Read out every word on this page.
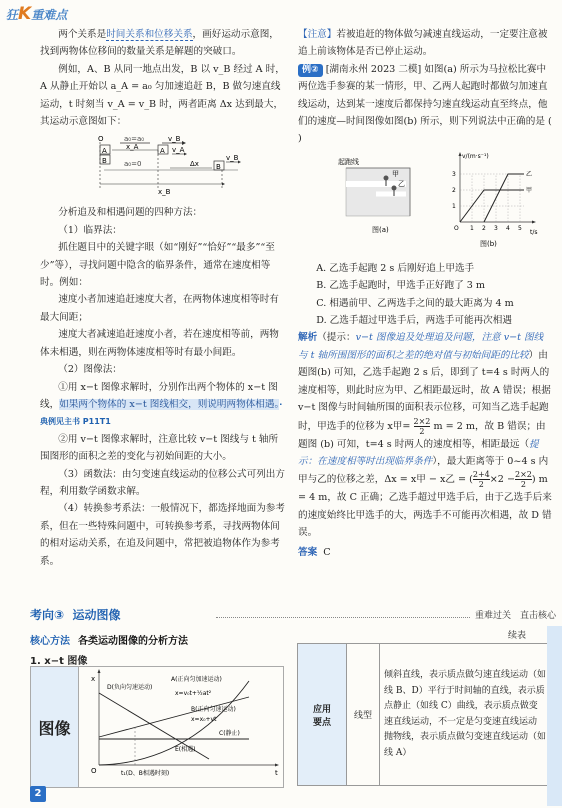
狂K重难点

两个关系是时间关系和位移关系，画好运动示意图，找到两物体位移间的数量关系是解题的突破口。

例如，A、B 从同一地点出发，B 以 v_B 经过 A 时，A 从静止开始以 a_A = a₀ 匀加速追赶 B，B 做匀速直线运动，t 时刻当 v_A = v_B 时，两者距离 Δx 达到最大，其运动示意图如下：

O	a₀=a₀	v_B
A
B
x_A	A v_A
a₀=0	Δx B
v_B
x_B

分析追及和相遇问题的四种方法：

（1）临界法：

抓住题目中的关键字眼（如“刚好”“恰好”“最多”“至少”等），寻找问题中隐含的临界条件，通常在速度相等时。例如：

速度小者加速追赶速度大者，在两物体速度相等时有最大间距；

速度大者减速追赶速度小者，若在速度相等前，两物体未相遇，则在两物体速度相等时有最小间距。

（2）图像法：

①用 x−t 图像求解时，分别作出两个物体的 x−t 图线，如果两个物体的 x−t 图线相交，则说明两物体相遇。·典例见主书 P11T1

②用 v−t 图像求解时，注意比较 v−t 图线与 t 轴所围图形的面积之差的变化与初始间距的大小。

（3）函数法：由匀变速直线运动的位移公式可列出方程，利用数学函数求解。

（4）转换参考系法：一般情况下，都选择地面为参考系，但在一些特殊问题中，可转换参考系，寻找两物体间的相对运动关系，在追及问题中，常把被追物体作为参考系。

【注意】若被追赶的物体做匀减速直线运动，一定要注意被追上前该物体是否已停止运动。

例② [湖南永州 2023 二模] 如图(a) 所示为马拉松比赛中两位选手参赛的某一情形，甲、乙两人起跑时都做匀加速直线运动，达到某一速度后都保持匀速直线运动直至终点，他们的速度—时间图像如图(b) 所示，则下列说法中正确的是 ( )

起跑线
甲
乙
图(a)
v/(m·s⁻¹)
t/s
3
2
1
O 1 2 3 4 5
乙
甲
图(b)

A. 乙选手起跑 2 s 后刚好追上甲选手

B. 乙选手起跑时，甲选手正好跑了 3 m

C. 相遇前甲、乙两选手之间的最大距离为 4 m

D. 乙选手超过甲选手后，两选手可能再次相遇

解析（提示：v−t 图像追及处理追及问题，注意 v−t 图线与 t 轴所围图形的面积之差的绝对值与初始间距的比较）由题图(b) 可知，乙选手起跑 2 s 后，即到了 t=4 s 时两人的速度相等，则此时应为甲、乙相距最远时，故 A 错误；根据 v−t 图像与时间轴所围的面积表示位移，可知当乙选手起跑时，甲选手的位移为 x甲= $\frac{2\times 2}{2}$ m = 2 m，故 B 错误；由题图 (b) 可知，t=4 s 时两人的速度相等，相距最远（提示：在速度相等时出现临界条件），最大距离等于 0~4 s 内甲与乙的位移之差，Δx = x甲 − x乙 = ( $\frac{2+4}{2} \times 2 - \frac{2\times 2}{2}$ ) m = 4 m，故 C 正确；乙选手超过甲选手后，由于乙选手后来的速度始终比甲选手的大，两选手不可能再次相遇，故 D 错误。

答案 C

考向③ 运动图像	重难过关　直击核心
核心方法 各类运动图像的分析方法
1. x−t 图像
续表
图像	
x
O	t
D(负向匀速运动)
A(正向匀加速运动)
x=v₀t+½at²
B(正向匀速运动)
x=x₀+vt
C(静止)
E(相遇)
t₁(D、B相遇时刻)
应用
要点	线型	倾斜直线，表示质点做匀速直线运动（如线 B、D）平行于时间轴的直线，表示质点静止（如线 C）曲线，表示质点做变速直线运动，不一定是匀变速直线运动 抛物线，表示质点做匀变速直线运动（如线 A）
2
